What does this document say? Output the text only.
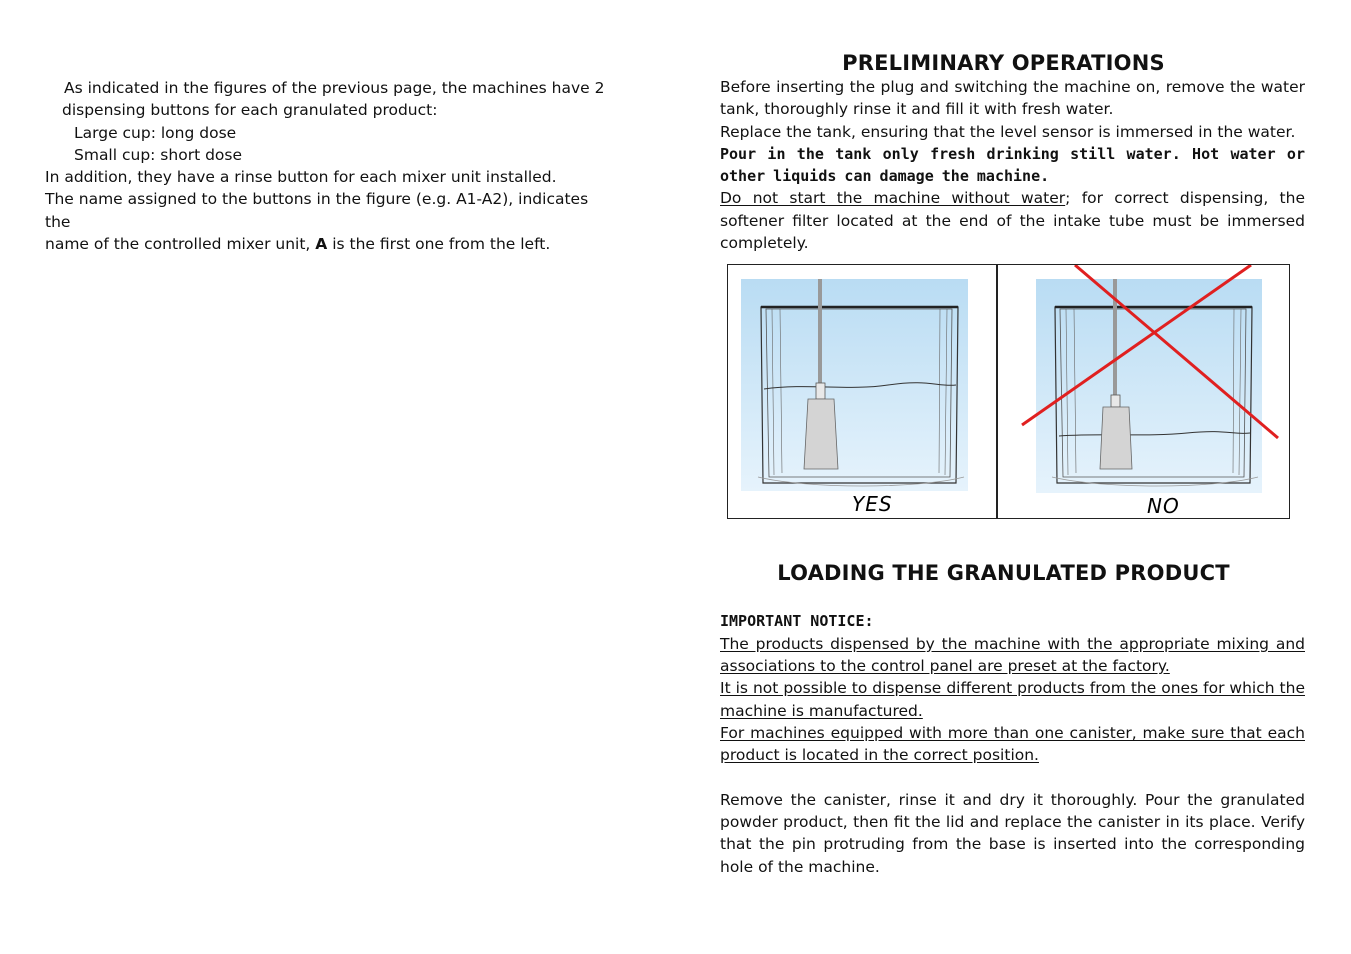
As indicated in the figures of the previous page, the machines have 2

dispensing buttons for each granulated product:

Large cup: long dose

Small cup: short dose

In addition, they have a rinse button for each mixer unit installed.

The name assigned to the buttons in the figure (e.g. A1-A2), indicates the

name of the controlled mixer unit, A is the first one from the left.

PRELIMINARY OPERATIONS

Before inserting the plug and switching the machine on, remove the water tank, thoroughly rinse it and fill it with fresh water.

Replace the tank, ensuring that the level sensor is immersed in the water.

Pour in the tank only fresh drinking still water. Hot water or other liquids can damage the machine.

Do not start the machine without water; for correct dispensing, the softener filter located at the end of the intake tube must be immersed completely.

YES	NO
LOADING THE GRANULATED PRODUCT

IMPORTANT NOTICE:

The products dispensed by the machine with the appropriate mixing and associations to the control panel are preset at the factory.

It is not possible to dispense different products from the ones for which the machine is manufactured.

For machines equipped with more than one canister, make sure that each product is located in the correct position.

Remove the canister, rinse it and dry it thoroughly. Pour the granulated powder product, then fit the lid and replace the canister in its place. Verify that the pin protruding from the base is inserted into the corresponding hole of the machine.
